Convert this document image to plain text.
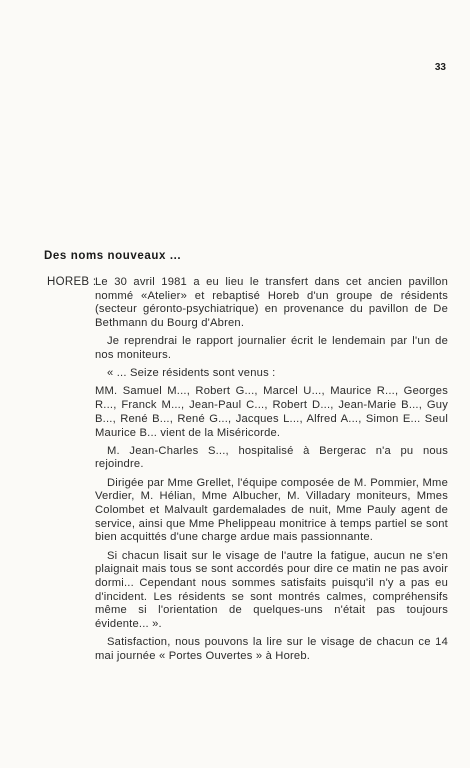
33

Des noms nouveaux ...
HOREB :

Le 30 avril 1981 a eu lieu le transfert dans cet ancien pavillon nommé «Atelier» et rebaptisé Horeb d'un groupe de résidents (secteur géronto-psychiatrique) en provenance du pavillon de De Bethmann du Bourg d'Abren.

Je reprendrai le rapport journalier écrit le lendemain par l'un de nos moniteurs.

« ... Seize résidents sont venus :

MM. Samuel M..., Robert G..., Marcel U..., Maurice R..., Georges R..., Franck M..., Jean-Paul C..., Robert D..., Jean-Marie B..., Guy B..., René B..., René G..., Jacques L..., Alfred A..., Simon E... Seul Maurice B... vient de la Miséricorde.

M. Jean-Charles S..., hospitalisé à Bergerac n'a pu nous rejoindre.

Dirigée par Mme Grellet, l'équipe composée de M. Pommier, Mme Verdier, M. Hélian, Mme Albucher, M. Villadary moniteurs, Mmes Colombet et Malvault gardemalades de nuit, Mme Pauly agent de service, ainsi que Mme Phelippeau monitrice à temps partiel se sont bien acquittés d'une charge ardue mais passionnante.

Si chacun lisait sur le visage de l'autre la fatigue, aucun ne s'en plaignait mais tous se sont accordés pour dire ce matin ne pas avoir dormi... Cependant nous sommes satisfaits puisqu'il n'y a pas eu d'incident. Les résidents se sont montrés calmes, compréhensifs même si l'orientation de quelques-uns n'était pas toujours évidente... ».

Satisfaction, nous pouvons la lire sur le visage de chacun ce 14 mai journée « Portes Ouvertes » à Horeb.
